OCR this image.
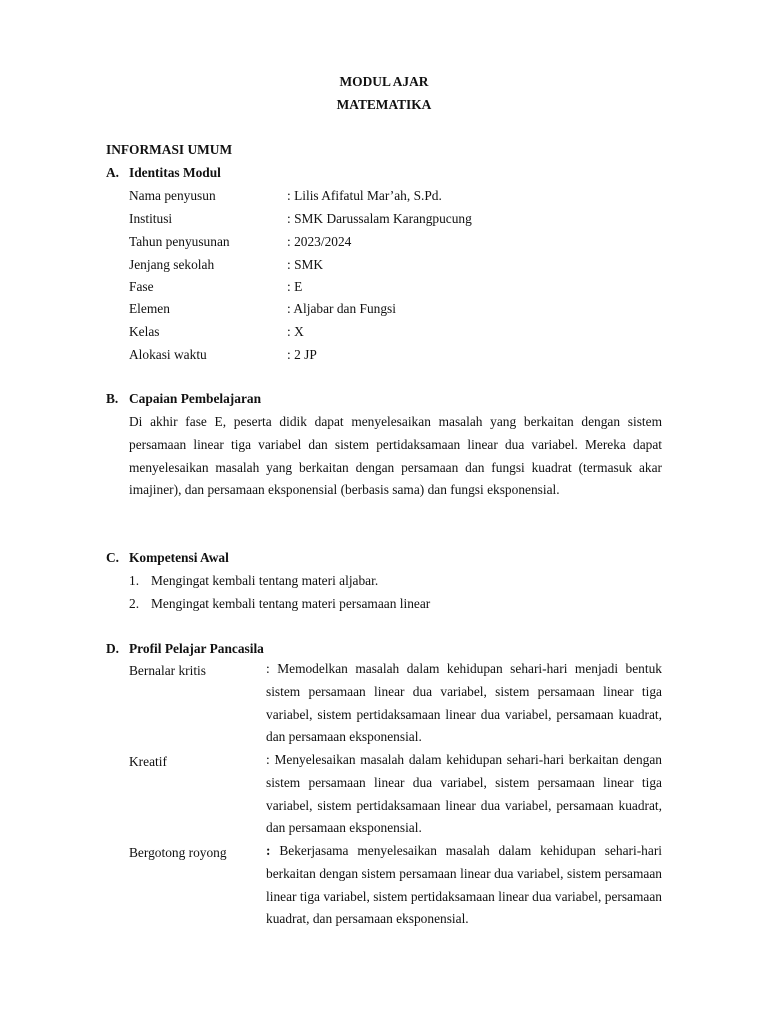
MODUL AJAR
MATEMATIKA
INFORMASI UMUM
A. Identitas Modul
Nama penyusun	: Lilis Afifatul Mar’ah, S.Pd.
Institusi	: SMK Darussalam Karangpucung
Tahun penyusunan	: 2023/2024
Jenjang sekolah	: SMK
Fase	: E
Elemen	: Aljabar dan Fungsi
Kelas	: X
Alokasi waktu	: 2 JP
B. Capaian Pembelajaran

Di akhir fase E, peserta didik dapat menyelesaikan masalah yang berkaitan dengan sistem persamaan linear tiga variabel dan sistem pertidaksamaan linear dua variabel. Mereka dapat menyelesaikan masalah yang berkaitan dengan persamaan dan fungsi kuadrat (termasuk akar imajiner), dan persamaan eksponensial (berbasis sama) dan fungsi eksponensial.

C. Kompetensi Awal
1. Mengingat kembali tentang materi aljabar.
2. Mengingat kembali tentang materi persamaan linear
D. Profil Pelajar Pancasila
Bernalar kritis	: Memodelkan masalah dalam kehidupan sehari-hari menjadi bentuk sistem persamaan linear dua variabel, sistem persamaan linear tiga variabel, sistem pertidaksamaan linear dua variabel, persamaan kuadrat, dan persamaan eksponensial.

Kreatif	: Menyelesaikan masalah dalam kehidupan sehari-hari berkaitan dengan sistem persamaan linear dua variabel, sistem persamaan linear tiga variabel, sistem pertidaksamaan linear dua variabel, persamaan kuadrat, dan persamaan eksponensial.

Bergotong royong	: Bekerjasama menyelesaikan masalah dalam kehidupan sehari-hari berkaitan dengan sistem persamaan linear dua variabel, sistem persamaan linear tiga variabel, sistem pertidaksamaan linear dua variabel, persamaan kuadrat, dan persamaan eksponensial.
